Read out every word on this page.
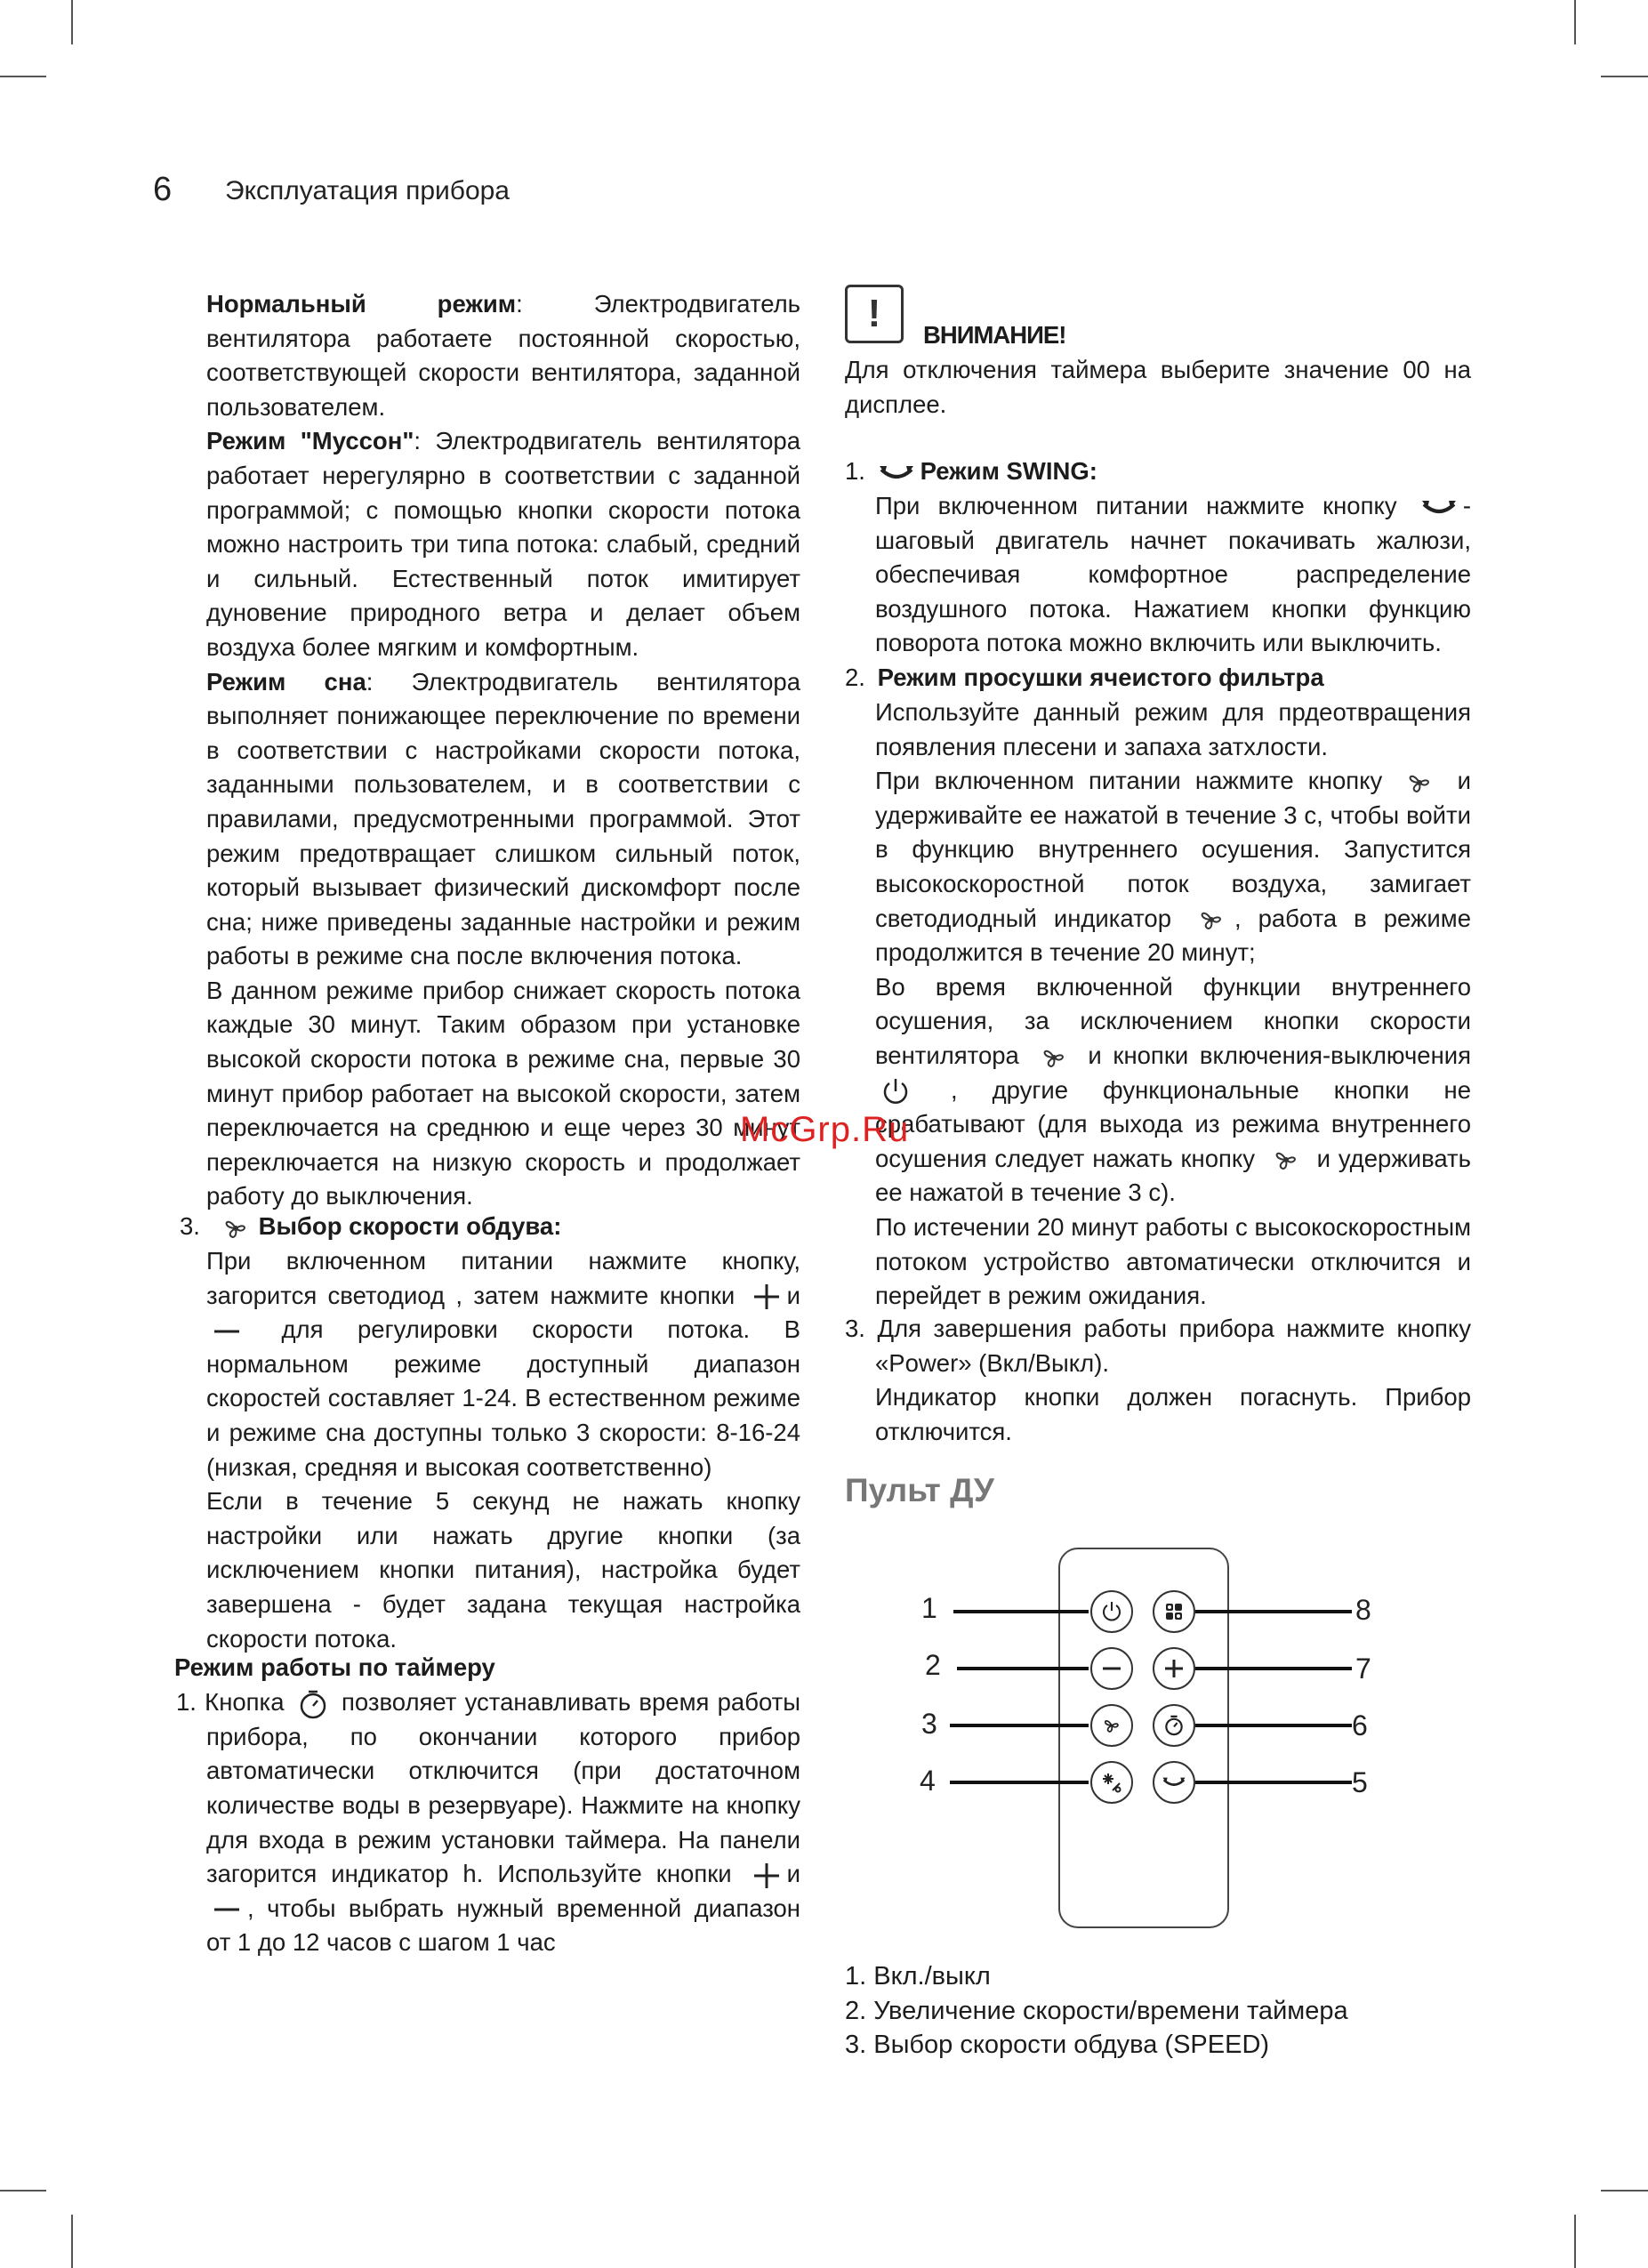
6 Эксплуатация прибора

Нормальный режим: Электродвигатель вентилятора работаете постоянной скоростью, соответствующей скорости вентилятора, заданной пользователем.

Режим "Муссон": Электродвигатель вентилятора работает нерегулярно в соответствии с заданной программой; с помощью кнопки скорости потока можно настроить три типа потока: слабый, средний и сильный. Естественный поток имитирует дуновение природного ветра и делает объем воздуха более мягким и комфортным.

Режим сна: Электродвигатель вентилятора выполняет понижающее переключение по времени в соответствии с настройками скорости потока, заданными пользователем, и в соответствии с правилами, предусмотренными программой. Этот режим предотвращает слишком сильный поток, который вызывает физический дискомфорт после сна; ниже приведены заданные настройки и режим работы в режиме сна после включения потока.

В данном режиме прибор снижает скорость потока каждые 30 минут. Таким образом при установке высокой скорости потока в режиме сна, первые 30 минут прибор работает на высокой скорости, затем переключается на среднюю и еще через 30 минут переключается на низкую скорость и продолжает работу до выключения.

3. Выбор скорости обдува:

При включенном питании нажмите кнопку, загорится светодиод , затем нажмите кнопки и
для регулировки скорости потока. В нормальном режиме доступный диапазон скоростей составляет 1-24. В естественном режиме и режиме сна доступны только 3 скорости: 8-16-24 (низкая, средняя и высокая соответственно)

Если в течение 5 секунд не нажать кнопку настройки или нажать другие кнопки (за исключением кнопки питания), настройка будет завершена - будет задана текущая настройка скорости потока.

Режим работы по таймеру

1. Кнопка позволяет устанавливать время работы прибора, по окончании которого прибор автоматически отключится (при достаточном количестве воды в резервуаре). Нажмите на кнопку для входа в режим установки таймера. На панели загорится индикатор h. Используйте кнопки и
, чтобы выбрать нужный временной диапазон от 1 до 12 часов с шагом 1 час

!	ВНИМАНИЕ!
Для отключения таймера выберите значение 00 на дисплее.
1. Режим SWING:

При включенном питании нажмите кнопку	- шаговый двигатель начнет покачивать жалюзи, обеспечивая комфортное распределение воздушного потока. Нажатием кнопки функцию поворота потока можно включить или выключить.

2. Режим просушки ячеистого фильтра

Используйте данный режим для прдеотвращения появления плесени и запаха затхлости.

При включенном питании нажмите кнопку	и удерживайте ее нажатой в течение 3 с, чтобы войти в функцию внутреннего осушения. Запустится высокоскоростной поток воздуха, замигает светодиодный индикатор	, работа в режиме продолжится в течение 20 минут;

Во время включенной функции внутреннего осушения, за исключением кнопки скорости вентилятора	и кнопки включения-выключения
, другие функциональные кнопки не срабатывают (для выхода из режима внутреннего осушения следует нажать кнопку	и удерживать ее нажатой в течение 3 с).

По истечении 20 минут работы с высокоскоростным потоком устройство автоматически отключится и перейдет в режим ожидания.

3. Для завершения работы прибора нажмите кнопку «Power» (Вкл/Выкл).

Индикатор кнопки должен погаснуть. Прибор отключится.

Пульт ДУ
1
2
3
4
8
7
6
5

1. Вкл./выкл

2. Увеличение скорости/времени таймера

3. Выбор скорости обдува (SPEED)

McGrp.Ru
